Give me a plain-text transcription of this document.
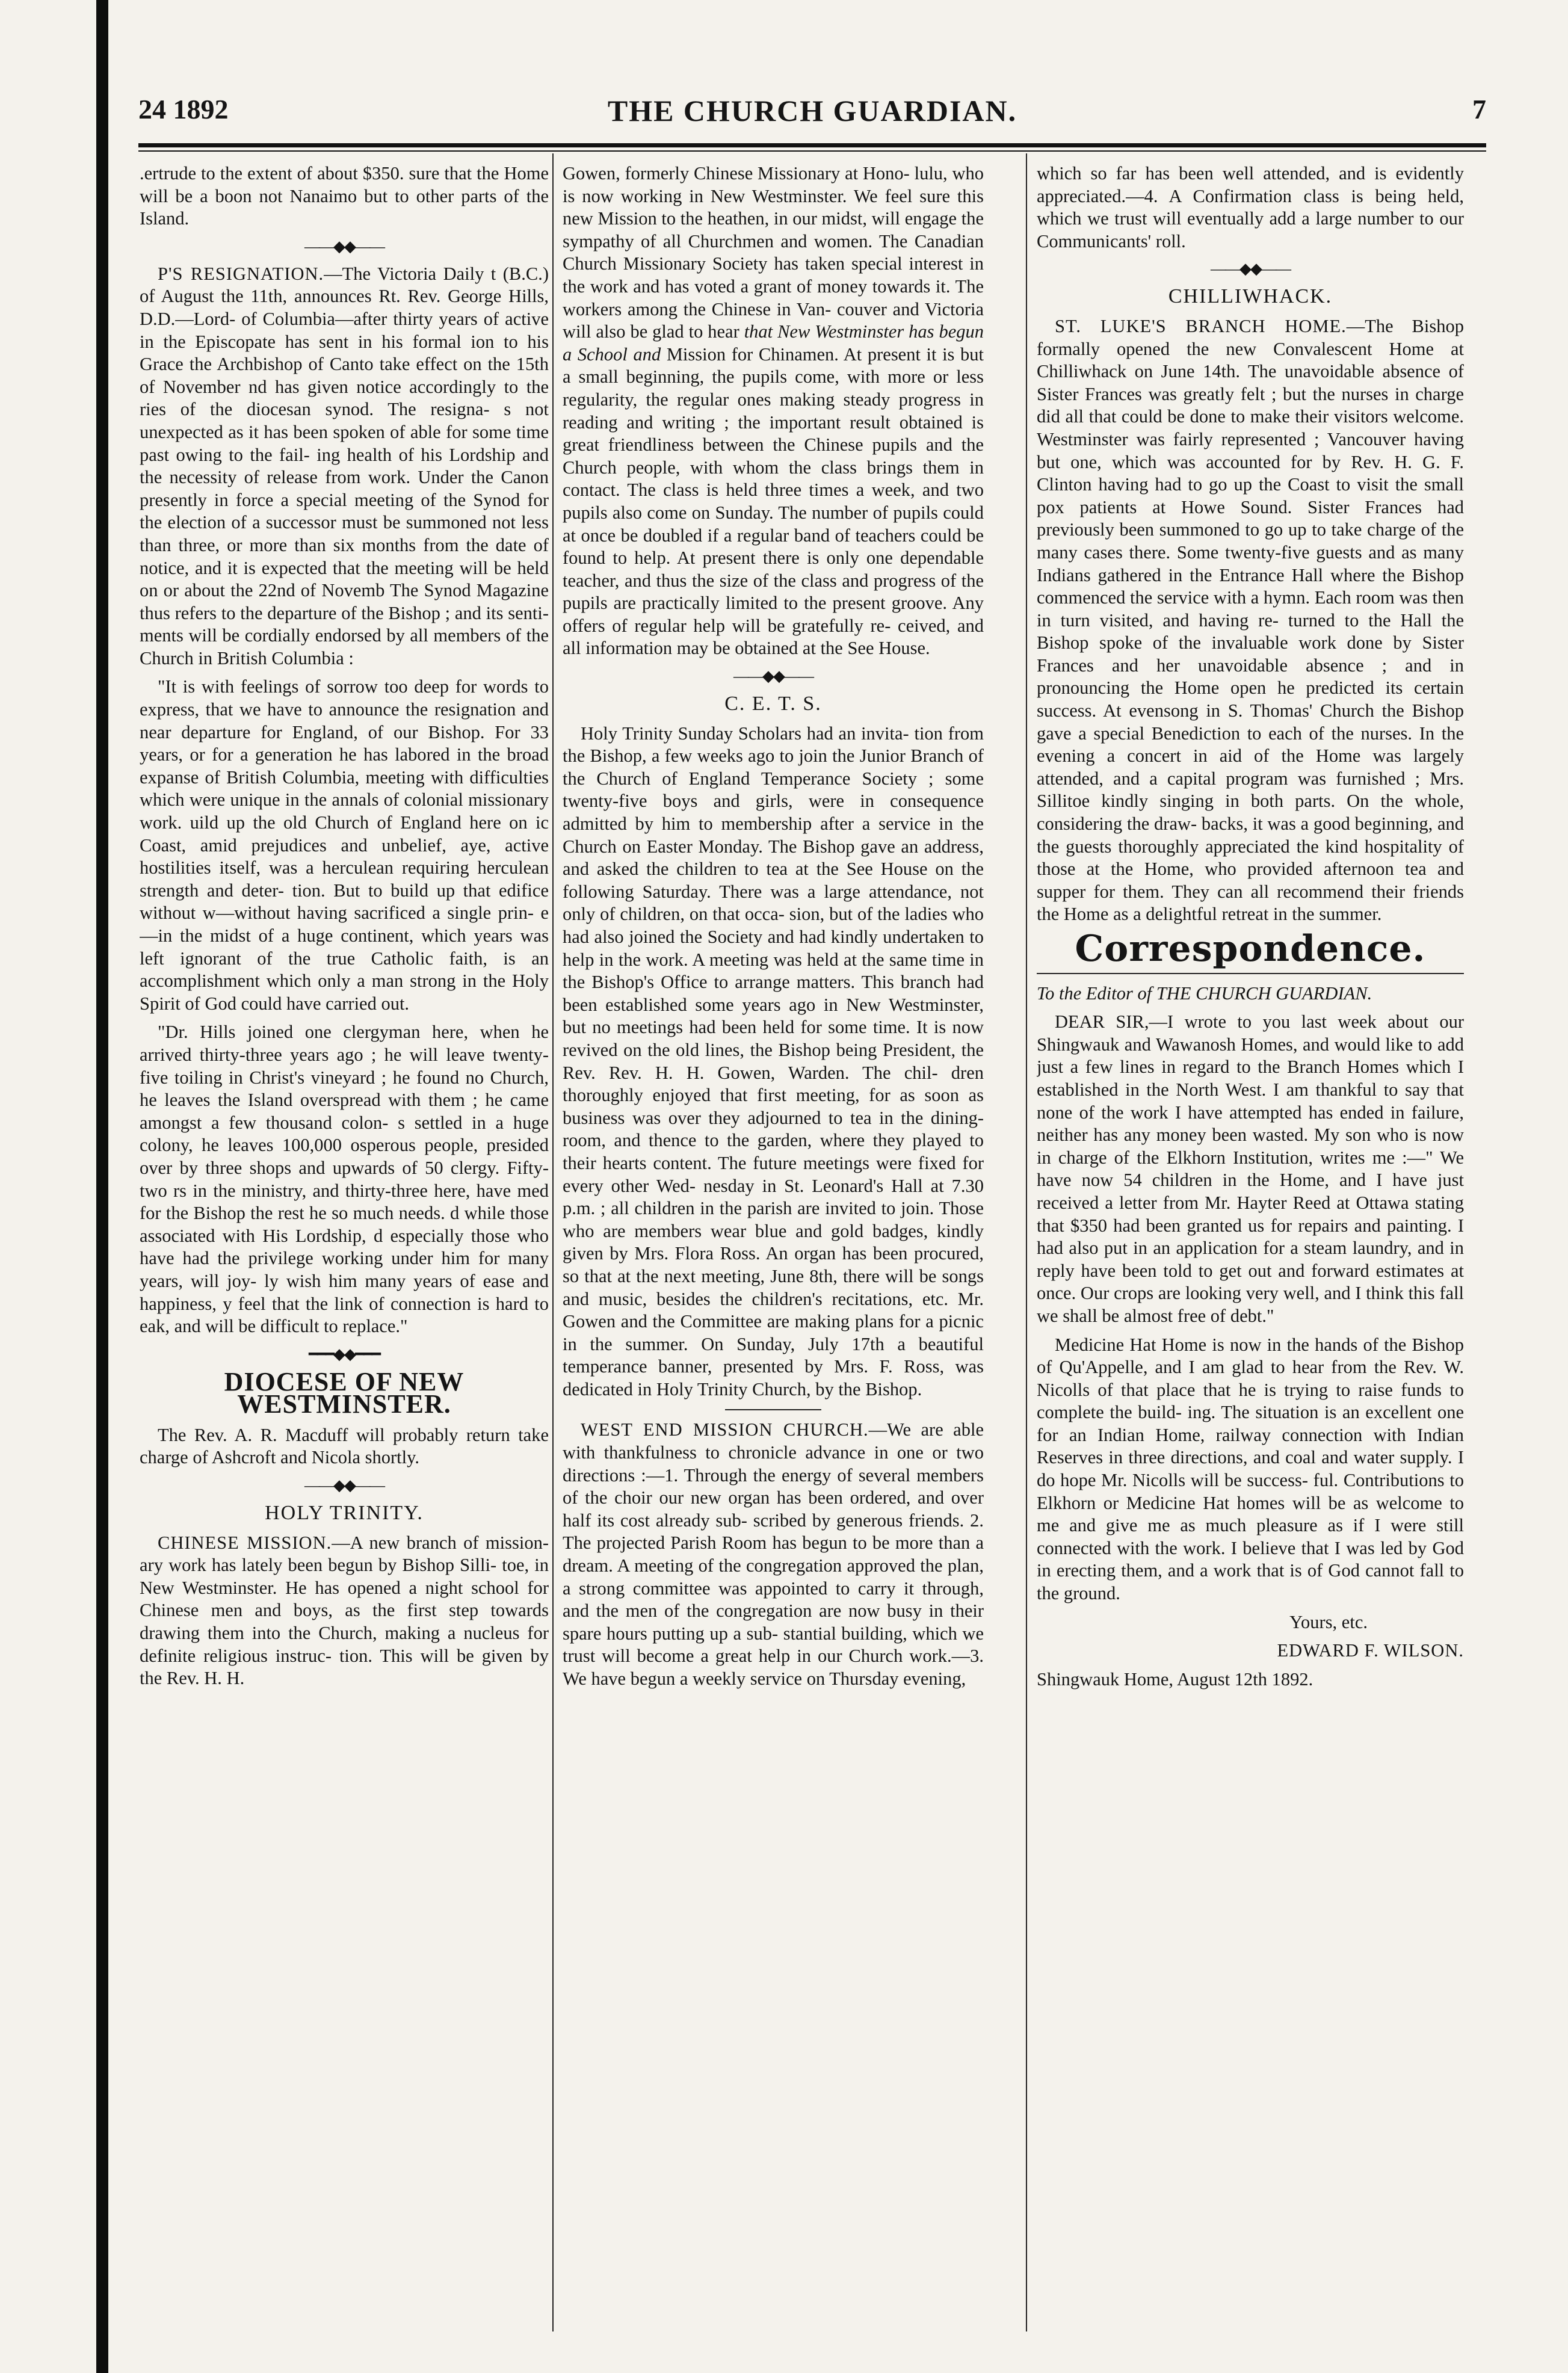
24 1892	THE CHURCH GUARDIAN.	7

.ertrude to the extent of about $350. sure that the Home will be a boon not Nanaimo but to other parts of the Island.

——◆◆——

P'S RESIGNATION.—The Victoria Daily t (B.C.) of August the 11th, announces Rt. Rev. George Hills, D.D.—Lord- of Columbia—after thirty years of active in the Episcopate has sent in his formal ion to his Grace the Archbishop of Canto take effect on the 15th of November nd has given notice accordingly to the ries of the diocesan synod. The resigna- s not unexpected as it has been spoken of able for some time past owing to the fail- ing health of his Lordship and the necessity of release from work. Under the Canon presently in force a special meeting of the Synod for the election of a successor must be summoned not less than three, or more than six months from the date of notice, and it is expected that the meeting will be held on or about the 22nd of Novemb The Synod Magazine thus refers to the departure of the Bishop ; and its senti- ments will be cordially endorsed by all members of the Church in British Columbia :

"It is with feelings of sorrow too deep for words to express, that we have to announce the resignation and near departure for England, of our Bishop. For 33 years, or for a generation he has labored in the broad expanse of British Columbia, meeting with difficulties which were unique in the annals of colonial missionary work. uild up the old Church of England here on ic Coast, amid prejudices and unbelief, aye, active hostilities itself, was a herculean requiring herculean strength and deter- tion. But to build up that edifice without w—without having sacrificed a single prin- e—in the midst of a huge continent, which years was left ignorant of the true Catholic faith, is an accomplishment which only a man strong in the Holy Spirit of God could have carried out.

"Dr. Hills joined one clergyman here, when he arrived thirty-three years ago ; he will leave twenty-five toiling in Christ's vineyard ; he found no Church, he leaves the Island overspread with them ; he came amongst a few thousand colon- s settled in a huge colony, he leaves 100,000 osperous people, presided over by three shops and upwards of 50 clergy. Fifty-two rs in the ministry, and thirty-three here, have med for the Bishop the rest he so much needs. d while those associated with His Lordship, d especially those who have had the privilege working under him for many years, will joy- ly wish him many years of ease and happiness, y feel that the link of connection is hard to eak, and will be difficult to replace."

━━━◆◆━━━
DIOCESE OF NEW WESTMINSTER.

The Rev. A. R. Macduff will probably return take charge of Ashcroft and Nicola shortly.

——◆◆——
HOLY TRINITY.

CHINESE MISSION.—A new branch of mission- ary work has lately been begun by Bishop Silli- toe, in New Westminster. He has opened a night school for Chinese men and boys, as the first step towards drawing them into the Church, making a nucleus for definite religious instruc- tion. This will be given by the Rev. H. H.

Gowen, formerly Chinese Missionary at Hono- lulu, who is now working in New Westminster. We feel sure this new Mission to the heathen, in our midst, will engage the sympathy of all Churchmen and women. The Canadian Church Missionary Society has taken special interest in the work and has voted a grant of money towards it. The workers among the Chinese in Van- couver and Victoria will also be glad to hear that New Westminster has begun a School and Mission for Chinamen. At present it is but a small beginning, the pupils come, with more or less regularity, the regular ones making steady progress in reading and writing ; the important result obtained is great friendliness between the Chinese pupils and the Church people, with whom the class brings them in contact. The class is held three times a week, and two pupils also come on Sunday. The number of pupils could at once be doubled if a regular band of teachers could be found to help. At present there is only one dependable teacher, and thus the size of the class and progress of the pupils are practically limited to the present groove. Any offers of regular help will be gratefully re- ceived, and all information may be obtained at the See House.

——◆◆——
C. E. T. S.

Holy Trinity Sunday Scholars had an invita- tion from the Bishop, a few weeks ago to join the Junior Branch of the Church of England Temperance Society ; some twenty-five boys and girls, were in consequence admitted by him to membership after a service in the Church on Easter Monday. The Bishop gave an address, and asked the children to tea at the See House on the following Saturday. There was a large attendance, not only of children, on that occa- sion, but of the ladies who had also joined the Society and had kindly undertaken to help in the work. A meeting was held at the same time in the Bishop's Office to arrange matters. This branch had been established some years ago in New Westminster, but no meetings had been held for some time. It is now revived on the old lines, the Bishop being President, the Rev. Rev. H. H. Gowen, Warden. The chil- dren thoroughly enjoyed that first meeting, for as soon as business was over they adjourned to tea in the dining-room, and thence to the garden, where they played to their hearts content. The future meetings were fixed for every other Wed- nesday in St. Leonard's Hall at 7.30 p.m. ; all children in the parish are invited to join. Those who are members wear blue and gold badges, kindly given by Mrs. Flora Ross. An organ has been procured, so that at the next meeting, June 8th, there will be songs and music, besides the children's recitations, etc. Mr. Gowen and the Committee are making plans for a picnic in the summer. On Sunday, July 17th a beautiful temperance banner, presented by Mrs. F. Ross, was dedicated in Holy Trinity Church, by the Bishop.

WEST END MISSION CHURCH.—We are able with thankfulness to chronicle advance in one or two directions :—1. Through the energy of several members of the choir our new organ has been ordered, and over half its cost already sub- scribed by generous friends. 2. The projected Parish Room has begun to be more than a dream. A meeting of the congregation approved the plan, a strong committee was appointed to carry it through, and the men of the congregation are now busy in their spare hours putting up a sub- stantial building, which we trust will become a great help in our Church work.—3. We have begun a weekly service on Thursday evening,

which so far has been well attended, and is evidently appreciated.—4. A Confirmation class is being held, which we trust will eventually add a large number to our Communicants' roll.

——◆◆——
CHILLIWHACK.

ST. LUKE'S BRANCH HOME.—The Bishop formally opened the new Convalescent Home at Chilliwhack on June 14th. The unavoidable absence of Sister Frances was greatly felt ; but the nurses in charge did all that could be done to make their visitors welcome. Westminster was fairly represented ; Vancouver having but one, which was accounted for by Rev. H. G. F. Clinton having had to go up the Coast to visit the small pox patients at Howe Sound. Sister Frances had previously been summoned to go up to take charge of the many cases there. Some twenty-five guests and as many Indians gathered in the Entrance Hall where the Bishop commenced the service with a hymn. Each room was then in turn visited, and having re- turned to the Hall the Bishop spoke of the invaluable work done by Sister Frances and her unavoidable absence ; and in pronouncing the Home open he predicted its certain success. At evensong in S. Thomas' Church the Bishop gave a special Benediction to each of the nurses. In the evening a concert in aid of the Home was largely attended, and a capital program was furnished ; Mrs. Sillitoe kindly singing in both parts. On the whole, considering the draw- backs, it was a good beginning, and the guests thoroughly appreciated the kind hospitality of those at the Home, who provided afternoon tea and supper for them. They can all recommend their friends the Home as a delightful retreat in the summer.

Correspondence.

To the Editor of THE CHURCH GUARDIAN.

DEAR SIR,—I wrote to you last week about our Shingwauk and Wawanosh Homes, and would like to add just a few lines in regard to the Branch Homes which I established in the North West. I am thankful to say that none of the work I have attempted has ended in failure, neither has any money been wasted. My son who is now in charge of the Elkhorn Institution, writes me :—" We have now 54 children in the Home, and I have just received a letter from Mr. Hayter Reed at Ottawa stating that $350 had been granted us for repairs and painting. I had also put in an application for a steam laundry, and in reply have been told to get out and forward estimates at once. Our crops are looking very well, and I think this fall we shall be almost free of debt."

Medicine Hat Home is now in the hands of the Bishop of Qu'Appelle, and I am glad to hear from the Rev. W. Nicolls of that place that he is trying to raise funds to complete the build- ing. The situation is an excellent one for an Indian Home, railway connection with Indian Reserves in three directions, and coal and water supply. I do hope Mr. Nicolls will be success- ful. Contributions to Elkhorn or Medicine Hat homes will be as welcome to me and give me as much pleasure as if I were still connected with the work. I believe that I was led by God in erecting them, and a work that is of God cannot fall to the ground.

Yours, etc.

EDWARD F. WILSON.

Shingwauk Home, August 12th 1892.
